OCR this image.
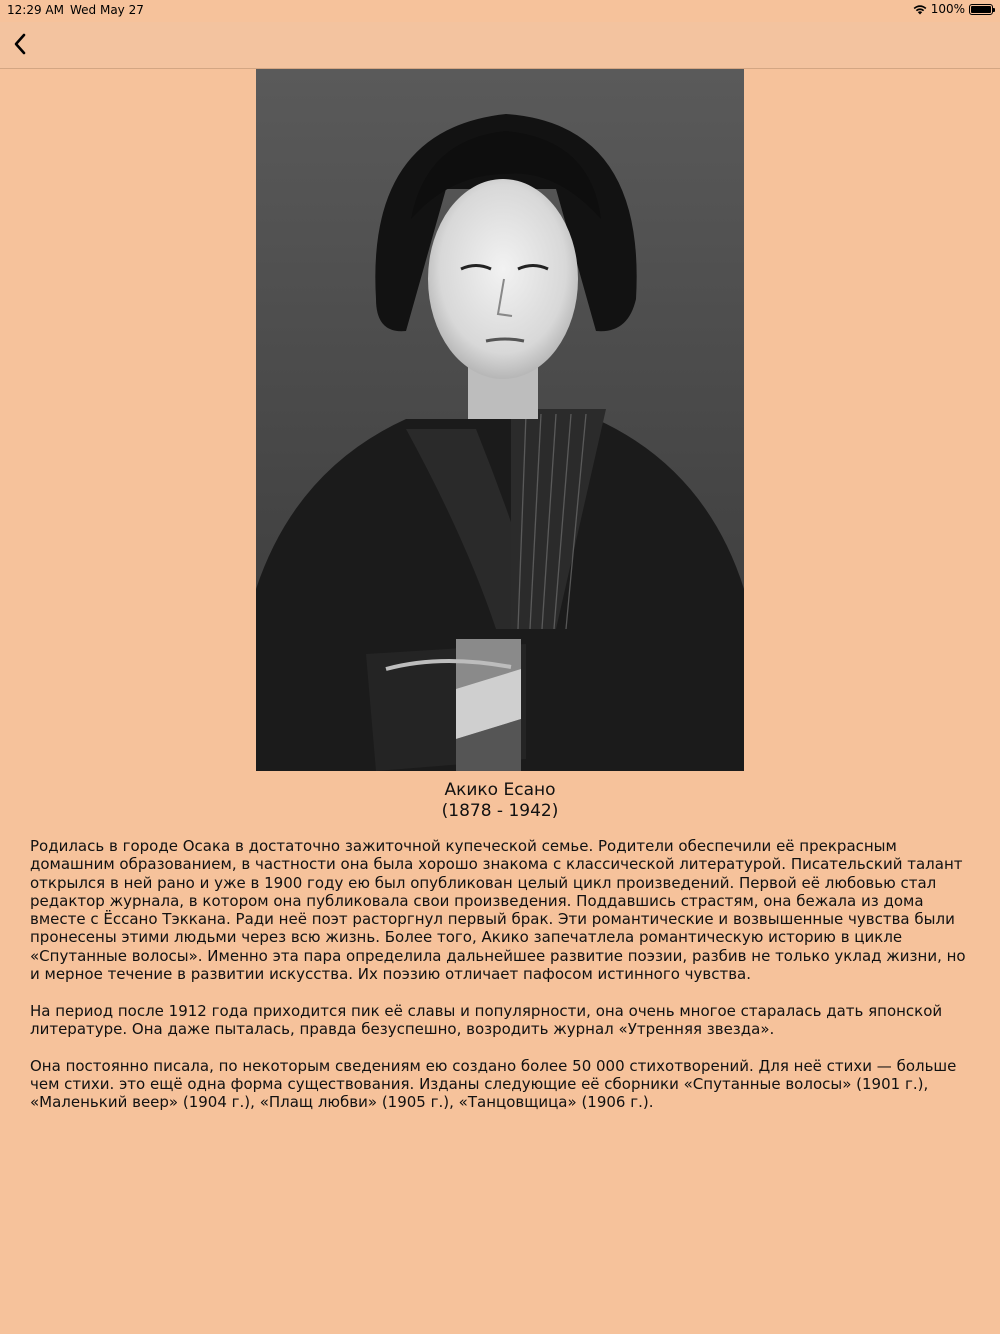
12:29 AM Wed May 27	100%
Акико Есано
(1878 - 1942)

Родилась в городе Осака в достаточно зажиточной купеческой семье. Родители обеспечили её прекрасным домашним образованием, в частности она была хорошо знакома с классической литературой. Писательский талант открылся в ней рано и уже в 1900 году ею был опубликован целый цикл произведений. Первой её любовью стал редактор журнала, в котором она публиковала свои произведения. Поддавшись страстям, она бежала из дома вместе с Ёссано Тэккана. Ради неё поэт расторгнул первый брак. Эти романтические и возвышенные чувства были пронесены этими людьми через всю жизнь. Более того, Акико запечатлела романтическую историю в цикле «Спутанные волосы». Именно эта пара определила дальнейшее развитие поэзии, разбив не только уклад жизни, но и мерное течение в развитии искусства. Их поэзию отличает пафосом истинного чувства.

На период после 1912 года приходится пик её славы и популярности, она очень многое старалась дать японской литературе. Она даже пыталась, правда безуспешно, возродить журнал «Утренняя звезда».

Она постоянно писала, по некоторым сведениям ею создано более 50 000 стихотворений. Для неё стихи — больше чем стихи. это ещё одна форма существования. Изданы следующие её сборники «Спутанные волосы» (1901 г.), «Маленький веер» (1904 г.), «Плащ любви» (1905 г.), «Танцовщица» (1906 г.).
